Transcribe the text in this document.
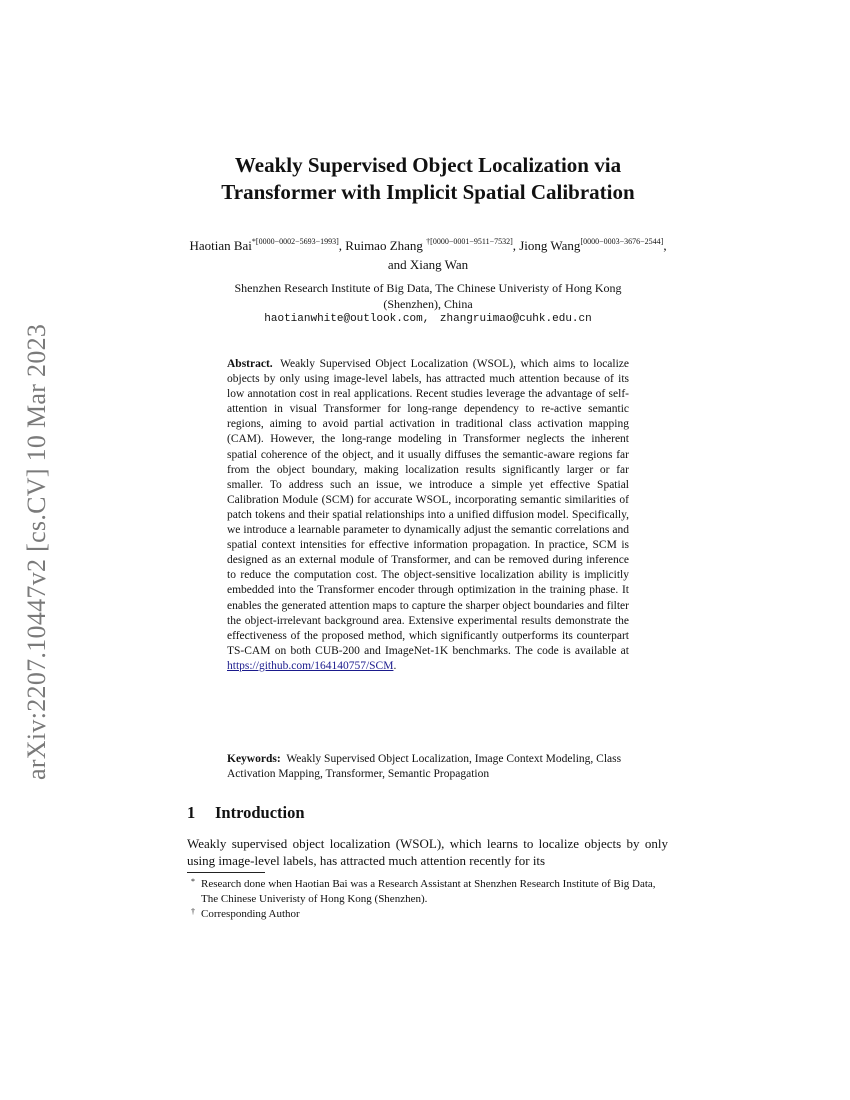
arXiv:2207.10447v2 [cs.CV] 10 Mar 2023
Weakly Supervised Object Localization via
Transformer with Implicit Spatial Calibration
Haotian Bai$^{*[0000-0002-5693-1993]}$, Ruimao Zhang $^{\dagger[0000-0001-9511-7532]}$, Jiong Wang[0000−0003−3676−2544], and Xiang Wan
Shenzhen Research Institute of Big Data, The Chinese Univeristy of Hong Kong
(Shenzhen), China
haotianwhite@outlook.com, zhangruimao@cuhk.edu.cn
Abstract. Weakly Supervised Object Localization (WSOL), which aims to localize objects by only using image-level labels, has attracted much attention because of its low annotation cost in real applications. Recent studies leverage the advantage of self-attention in visual Transformer for long-range dependency to re-active semantic regions, aiming to avoid partial activation in traditional class activation mapping (CAM). However, the long-range modeling in Transformer neglects the inherent spatial coherence of the object, and it usually diffuses the semantic-aware regions far from the object boundary, making localization results significantly larger or far smaller. To address such an issue, we introduce a simple yet effective Spatial Calibration Module (SCM) for accurate WSOL, incorporating semantic similarities of patch tokens and their spatial relationships into a unified diffusion model. Specifically, we introduce a learnable parameter to dynamically adjust the semantic correlations and spatial context intensities for effective information propagation. In practice, SCM is designed as an external module of Transformer, and can be removed during inference to reduce the computation cost. The object-sensitive localization ability is implicitly embedded into the Transformer encoder through optimization in the training phase. It enables the generated attention maps to capture the sharper object boundaries and filter the object-irrelevant background area. Extensive experimental results demonstrate the effectiveness of the proposed method, which significantly outperforms its counterpart TS-CAM on both CUB-200 and ImageNet-1K benchmarks. The code is available at https://github.com/164140757/SCM.
Keywords: Weakly Supervised Object Localization, Image Context Modeling, Class Activation Mapping, Transformer, Semantic Propagation
1 Introduction
Weakly supervised object localization (WSOL), which learns to localize objects by only using image-level labels, has attracted much attention recently for its
* Research done when Haotian Bai was a Research Assistant at Shenzhen Research Institute of Big Data, The Chinese Univeristy of Hong Kong (Shenzhen).
† Corresponding Author
